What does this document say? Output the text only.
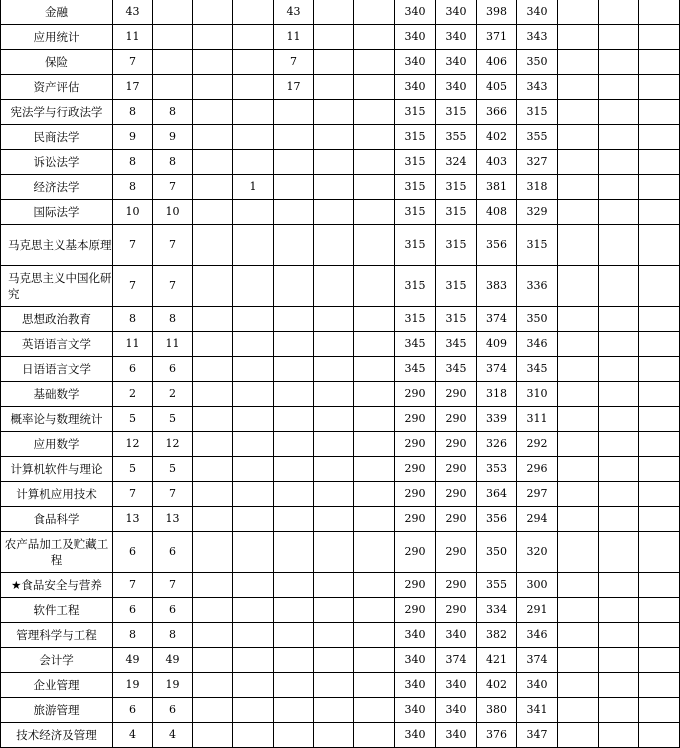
金融	43				43			340	340	398	340				
应用统计	11				11			340	340	371	343				
保险	7				7			340	340	406	350				
资产评估	17				17			340	340	405	343				
宪法学与行政法学	8	8						315	315	366	315				
民商法学	9	9						315	355	402	355				
诉讼法学	8	8						315	324	403	327				
经济法学	8	7		1				315	315	381	318				
国际法学	10	10						315	315	408	329				
马克思主义基本原理	7	7						315	315	356	315				
马克思主义中国化研究	7	7						315	315	383	336				
思想政治教育	8	8						315	315	374	350				
英语语言文学	11	11						345	345	409	346				
日语语言文学	6	6						345	345	374	345				
基础数学	2	2						290	290	318	310				
概率论与数理统计	5	5						290	290	339	311				
应用数学	12	12						290	290	326	292				
计算机软件与理论	5	5						290	290	353	296				
计算机应用技术	7	7						290	290	364	297				
食品科学	13	13						290	290	356	294				
农产品加工及贮藏工程	6	6						290	290	350	320				
★食品安全与营养	7	7						290	290	355	300				
软件工程	6	6						290	290	334	291				
管理科学与工程	8	8						340	340	382	346				
会计学	49	49						340	374	421	374				
企业管理	19	19						340	340	402	340				
旅游管理	6	6						340	340	380	341				
技术经济及管理	4	4						340	340	376	347				
